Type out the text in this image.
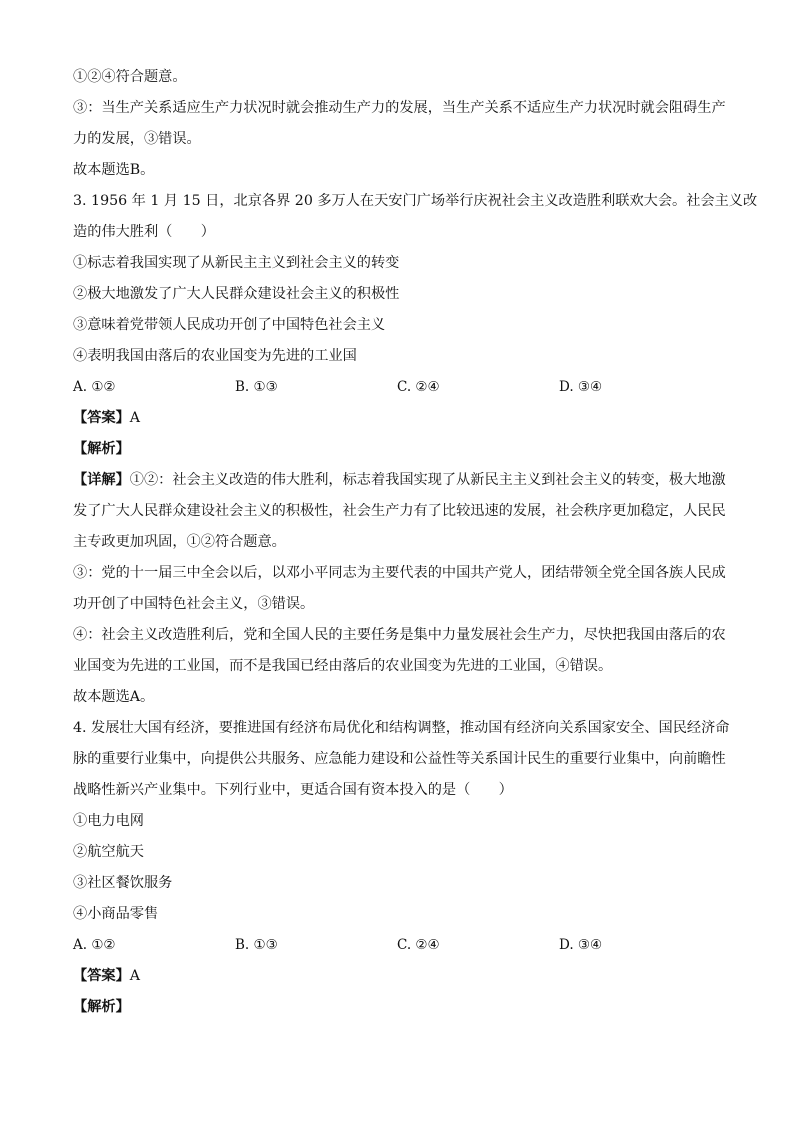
①②④符合题意。
③：当生产关系适应生产力状况时就会推动生产力的发展，当生产关系不适应生产力状况时就会阻碍生产
力的发展，③错误。
故本题选B。
3. 1956 年 1 月 15 日，北京各界 20 多万人在天安门广场举行庆祝社会主义改造胜利联欢大会。社会主义改
造的伟大胜利（　　）
①标志着我国实现了从新民主主义到社会主义的转变
②极大地激发了广大人民群众建设社会主义的积极性
③意味着党带领人民成功开创了中国特色社会主义
④表明我国由落后的农业国变为先进的工业国
A. ①②	B. ①③	C. ②④	D. ③④
【答案】A
【解析】
【详解】①②：社会主义改造的伟大胜利，标志着我国实现了从新民主主义到社会主义的转变，极大地激
发了广大人民群众建设社会主义的积极性，社会生产力有了比较迅速的发展，社会秩序更加稳定，人民民
主专政更加巩固，①②符合题意。
③：党的十一届三中全会以后，以邓小平同志为主要代表的中国共产党人，团结带领全党全国各族人民成
功开创了中国特色社会主义，③错误。
④：社会主义改造胜利后，党和全国人民的主要任务是集中力量发展社会生产力，尽快把我国由落后的农
业国变为先进的工业国，而不是我国已经由落后的农业国变为先进的工业国，④错误。
故本题选A。
4. 发展壮大国有经济，要推进国有经济布局优化和结构调整，推动国有经济向关系国家安全、国民经济命
脉的重要行业集中，向提供公共服务、应急能力建设和公益性等关系国计民生的重要行业集中，向前瞻性
战略性新兴产业集中。下列行业中，更适合国有资本投入的是（　　）
①电力电网
②航空航天
③社区餐饮服务
④小商品零售
A. ①②	B. ①③	C. ②④	D. ③④
【答案】A
【解析】
